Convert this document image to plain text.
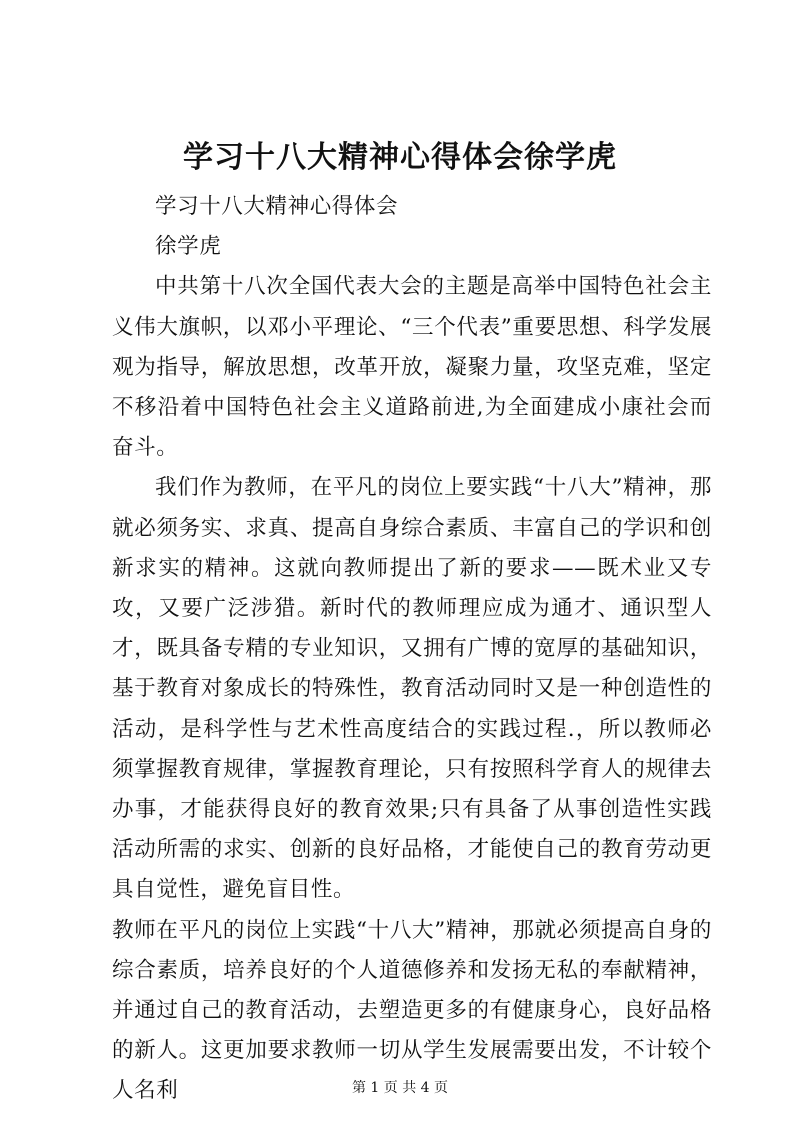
学习十八大精神心得体会徐学虎

学习十八大精神心得体会

徐学虎

中共第十八次全国代表大会的主题是高举中国特色社会主义伟大旗帜，以邓小平理论、“三个代表”重要思想、科学发展观为指导，解放思想，改革开放，凝聚力量，攻坚克难，坚定不移沿着中国特色社会主义道路前进,为全面建成小康社会而奋斗。

我们作为教师，在平凡的岗位上要实践“十八大”精神，那就必须务实、求真、提高自身综合素质、丰富自己的学识和创新求实的精神。这就向教师提出了新的要求——既术业又专攻，又要广泛涉猎。新时代的教师理应成为通才、通识型人才，既具备专精的专业知识，又拥有广博的宽厚的基础知识，基于教育对象成长的特殊性，教育活动同时又是一种创造性的活动，是科学性与艺术性高度结合的实践过程.，所以教师必须掌握教育规律，掌握教育理论，只有按照科学育人的规律去办事，才能获得良好的教育效果;只有具备了从事创造性实践活动所需的求实、创新的良好品格，才能使自己的教育劳动更具自觉性，避免盲目性。

教师在平凡的岗位上实践“十八大”精神，那就必须提高自身的综合素质，培养良好的个人道德修养和发扬无私的奉献精神，并通过自己的教育活动，去塑造更多的有健康身心，良好品格的新人。这更加要求教师一切从学生发展需要出发，不计较个人名利	第 1 页 共 4 页
